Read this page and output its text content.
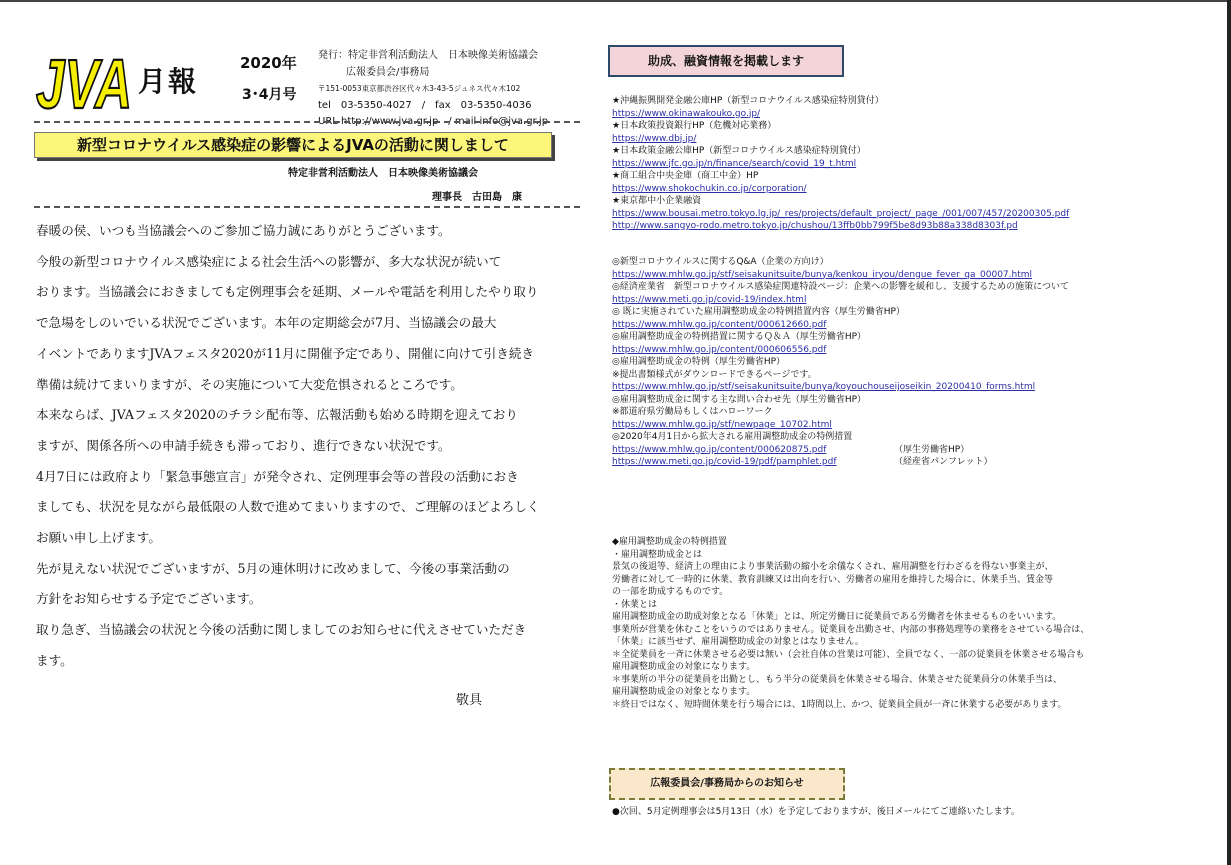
JVA 月報
2020年
3･4月号
発行：特定非営利活動法人　日本映像美術協議会
広報委員会/事務局
〒151-0053東京都渋谷区代々木3-43-5ジュネス代々木102
tel　03-5350-4027　/　fax　03-5350-4036
URL http://www.jva.gr.jp　/ mail info@jva.gr.jp
新型コロナウイルス感染症の影響によるJVAの活動に関しまして
特定非営利活動法人　日本映像美術協議会
理事長　古田島　康

春暖の侯、いつも当協議会へのご参加ご協力誠にありがとうございます。

今般の新型コロナウイルス感染症による社会生活への影響が、多大な状況が続いて

おります。当協議会におきましても定例理事会を延期、メールや電話を利用したやり取り

で急場をしのいでいる状況でございます。本年の定期総会が7月、当協議会の最大

イベントでありますJVAフェスタ2020が11月に開催予定であり、開催に向けて引き続き

準備は続けてまいりますが、その実施について大変危惧されるところです。

本来ならば、JVAフェスタ2020のチラシ配布等、広報活動も始める時期を迎えており

ますが、関係各所への申請手続きも滞っており、進行できない状況です。

4月7日には政府より「緊急事態宣言」が発令され、定例理事会等の普段の活動におき

ましても、状況を見ながら最低限の人数で進めてまいりますので、ご理解のほどよろしく

お願い申し上げます。

先が見えない状況でございますが、5月の連休明けに改めまして、今後の事業活動の

方針をお知らせする予定でございます。

取り急ぎ、当協議会の状況と今後の活動に関しましてのお知らせに代えさせていただき

ます。

敬具
助成、融資情報を掲載します
★沖縄振興開発金融公庫HP（新型コロナウイルス感染症特別貸付）
https://www.okinawakouko.go.jp/
★日本政策投資銀行HP（危機対応業務）
https://www.dbj.jp/
★日本政策金融公庫HP（新型コロナウイルス感染症特別貸付）
https://www.jfc.go.jp/n/finance/search/covid_19_t.html
★商工組合中央金庫（商工中金）HP
https://www.shokochukin.co.jp/corporation/
★東京都中小企業融資
https://www.bousai.metro.tokyo.lg.jp/_res/projects/default_project/_page_/001/007/457/20200305.pdf
http://www.sangyo-rodo.metro.tokyo.jp/chushou/13ffb0bb799f5be8d93b88a338d8303f.pd
◎新型コロナウイルスに関するQ&A（企業の方向け）
https://www.mhlw.go.jp/stf/seisakunitsuite/bunya/kenkou_iryou/dengue_fever_qa_00007.html
◎経済産業省　新型コロナウイルス感染症関連特設ページ：企業への影響を緩和し、支援するための施策について
https://www.meti.go.jp/covid-19/index.html
◎ 既に実施されていた雇用調整助成金の特例措置内容（厚生労働省HP）
https://www.mhlw.go.jp/content/000612660.pdf
◎雇用調整助成金の特例措置に関するＱ＆Ａ（厚生労働省HP）
https://www.mhlw.go.jp/content/000606556.pdf
◎雇用調整助成金の特例（厚生労働省HP）
※提出書類様式がダウンロードできるページです。
https://www.mhlw.go.jp/stf/seisakunitsuite/bunya/koyouchouseijoseikin_20200410_forms.html
◎雇用調整助成金に関する主な問い合わせ先（厚生労働省HP）
※都道府県労働局もしくはハローワーク
https://www.mhlw.go.jp/stf/newpage_10702.html
◎2020年4月1日から拡大される雇用調整助成金の特例措置
https://www.mhlw.go.jp/content/000620875.pdf	（厚生労働省HP）
https://www.meti.go.jp/covid-19/pdf/pamphlet.pdf	（経産省パンフレット）
◆雇用調整助成金の特例措置
・雇用調整助成金とは
景気の後退等、経済上の理由により事業活動の縮小を余儀なくされ、雇用調整を行わざるを得ない事業主が、
労働者に対して一時的に休業、教育訓練又は出向を行い、労働者の雇用を維持した場合に、休業手当、賃金等
の一部を助成するものです。
・休業とは
雇用調整助成金の助成対象となる「休業」とは、所定労働日に従業員である労働者を休ませるものをいいます。
事業所が営業を休むことをいうのではありません。従業員を出勤させ、内部の事務処理等の業務をさせている場合は、
「休業」に該当せず、雇用調整助成金の対象とはなりません。
＊全従業員を一斉に休業させる必要は無い（会社自体の営業は可能）、全員でなく、一部の従業員を休業させる場合も
雇用調整助成金の対象になります。
＊事業所の半分の従業員を出勤とし、もう半分の従業員を休業させる場合、休業させた従業員分の休業手当は、
雇用調整助成金の対象となります。
＊終日ではなく、短時間休業を行う場合には、1時間以上、かつ、従業員全員が一斉に休業する必要があります。
広報委員会/事務局からのお知らせ
●次回、5月定例理事会は5月13日（水）を予定しておりますが、後日メールにてご連絡いたします。
